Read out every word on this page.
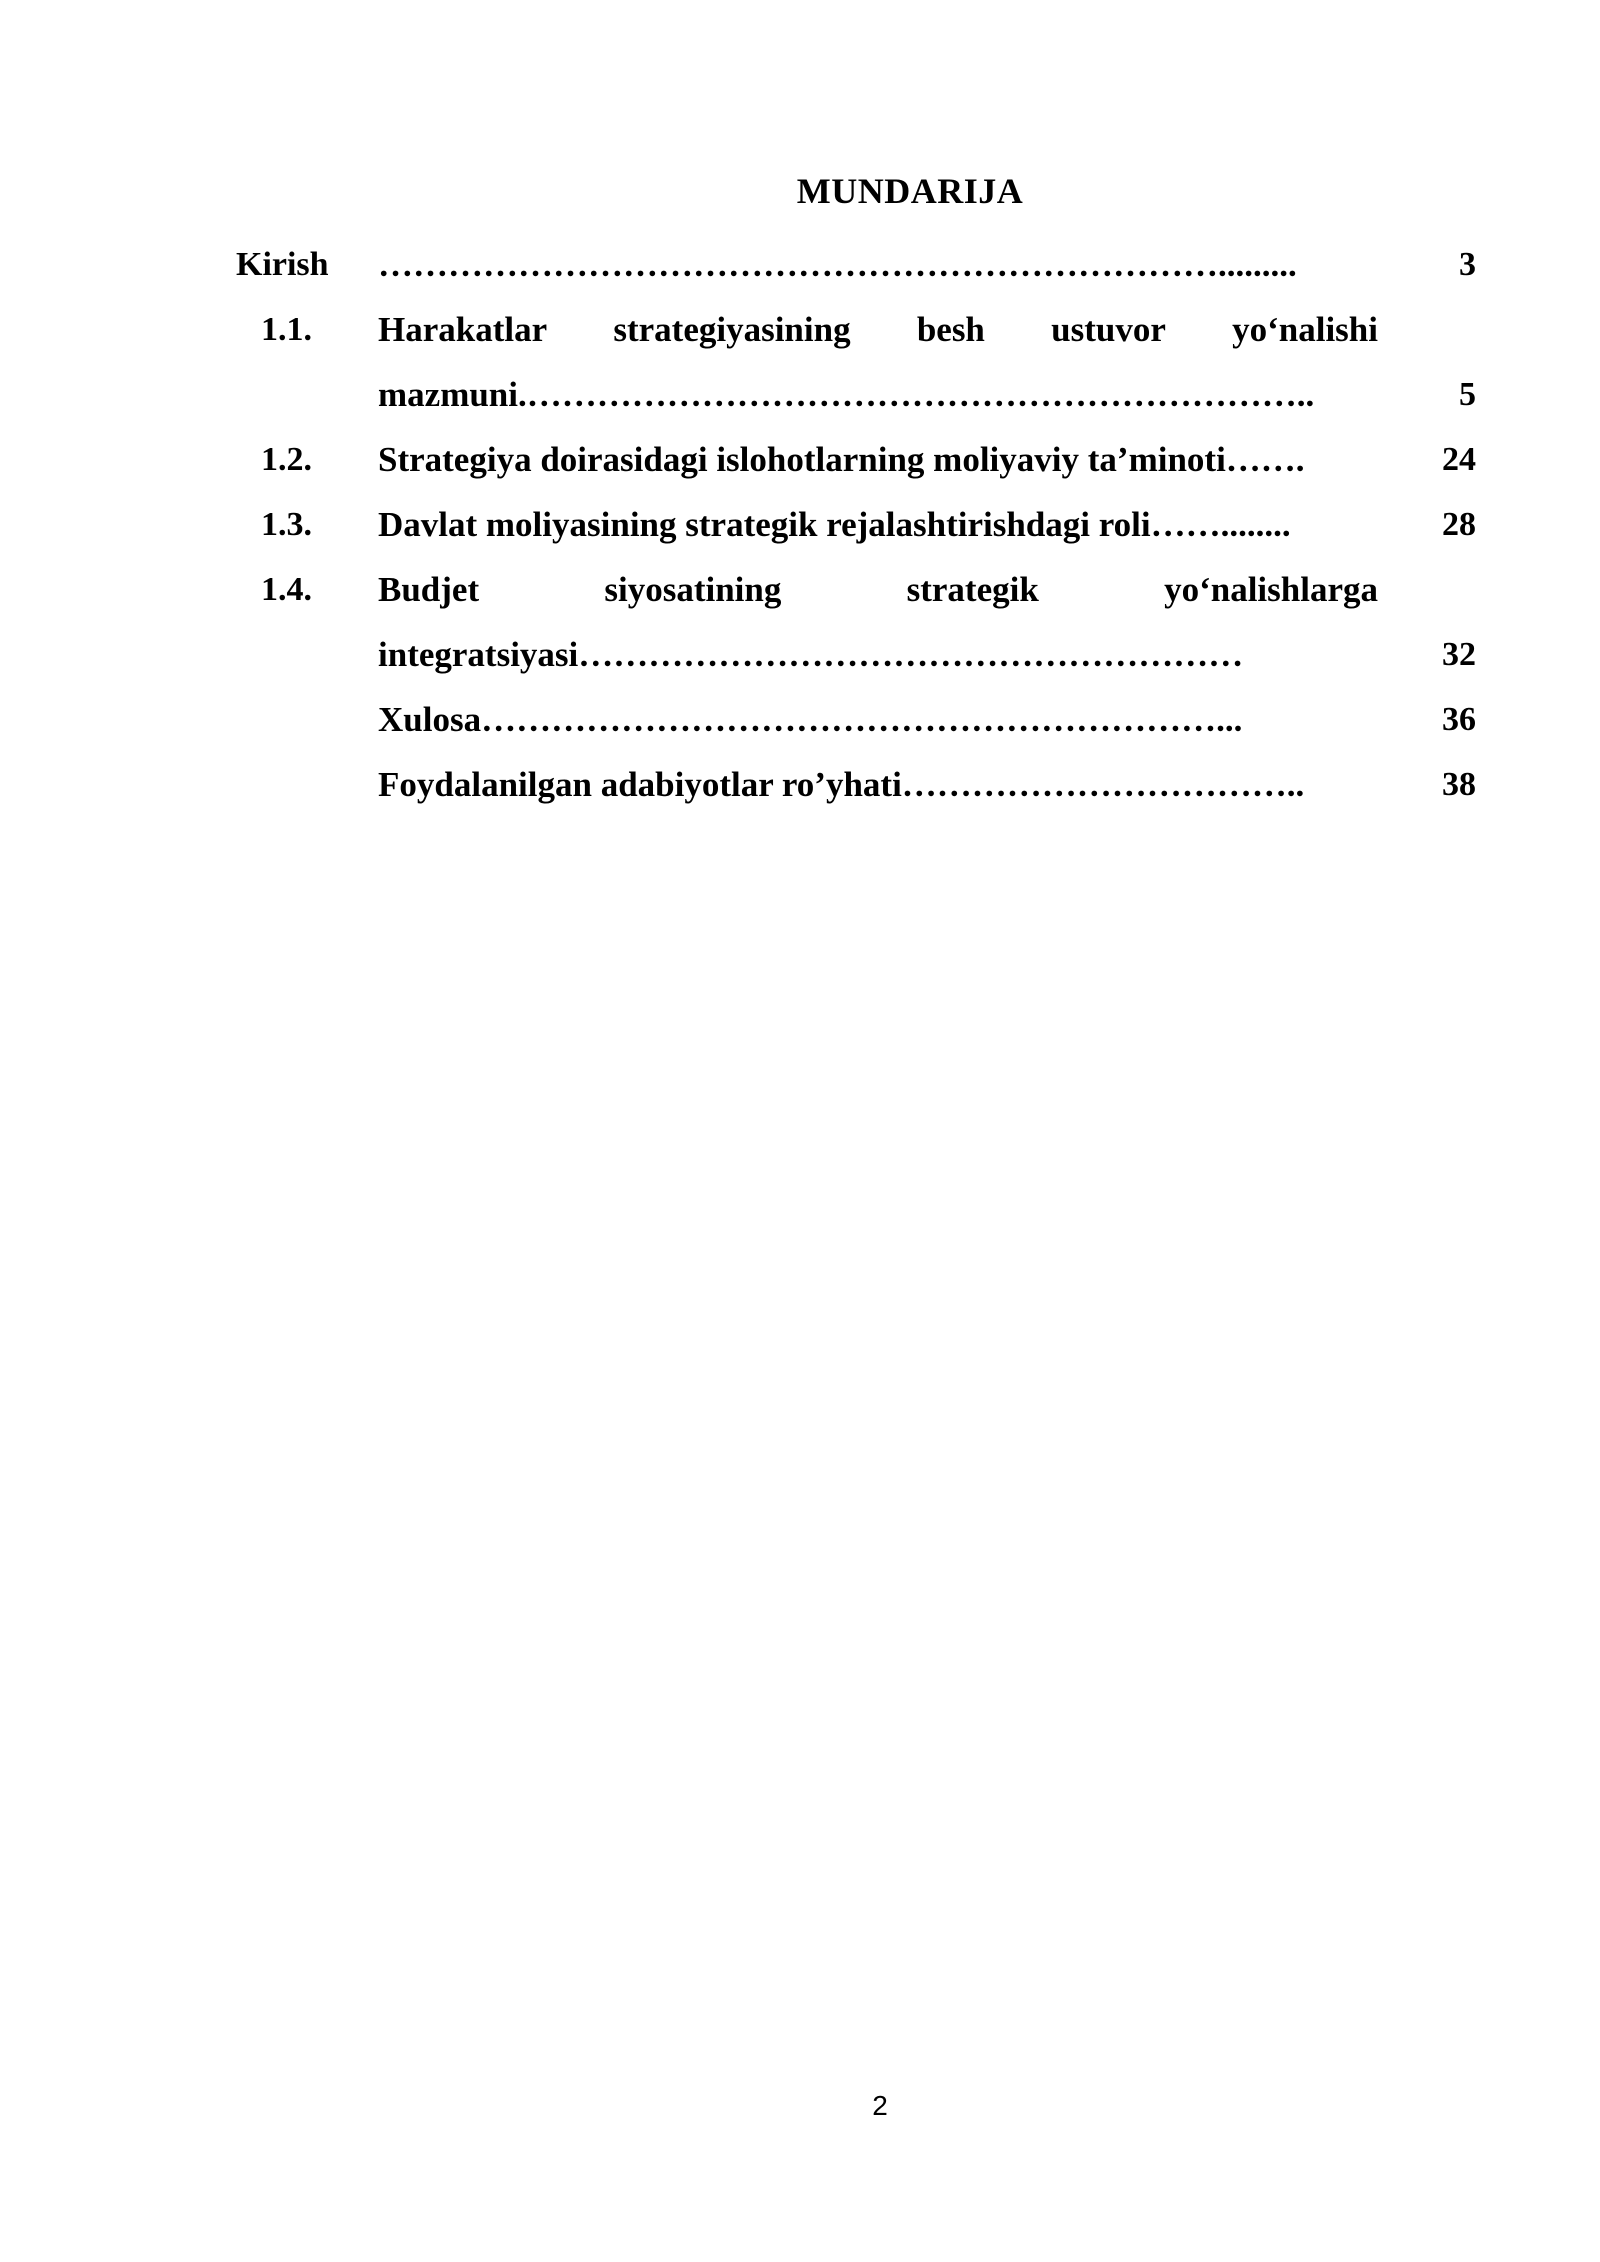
MUNDARIJA
Kirish	……………………………………………………………….........	3
1.1.	Harakatlar strategiyasining besh ustuvor yo‘nalishi
mazmuni.…………………………………………………………..	5
1.2.	Strategiya doirasidagi islohotlarning moliyaviy ta’minoti…….	24
1.3.	Davlat moliyasining strategik rejalashtirishdagi roli……........	28
1.4.	Budjet	siyosatining	strategik	yo‘nalishlarga
integratsiyasi…………………………………………………	32
Xulosa………………………………………………………...	36
Foydalanilgan adabiyotlar ro’yhati……………………………..	38
2
